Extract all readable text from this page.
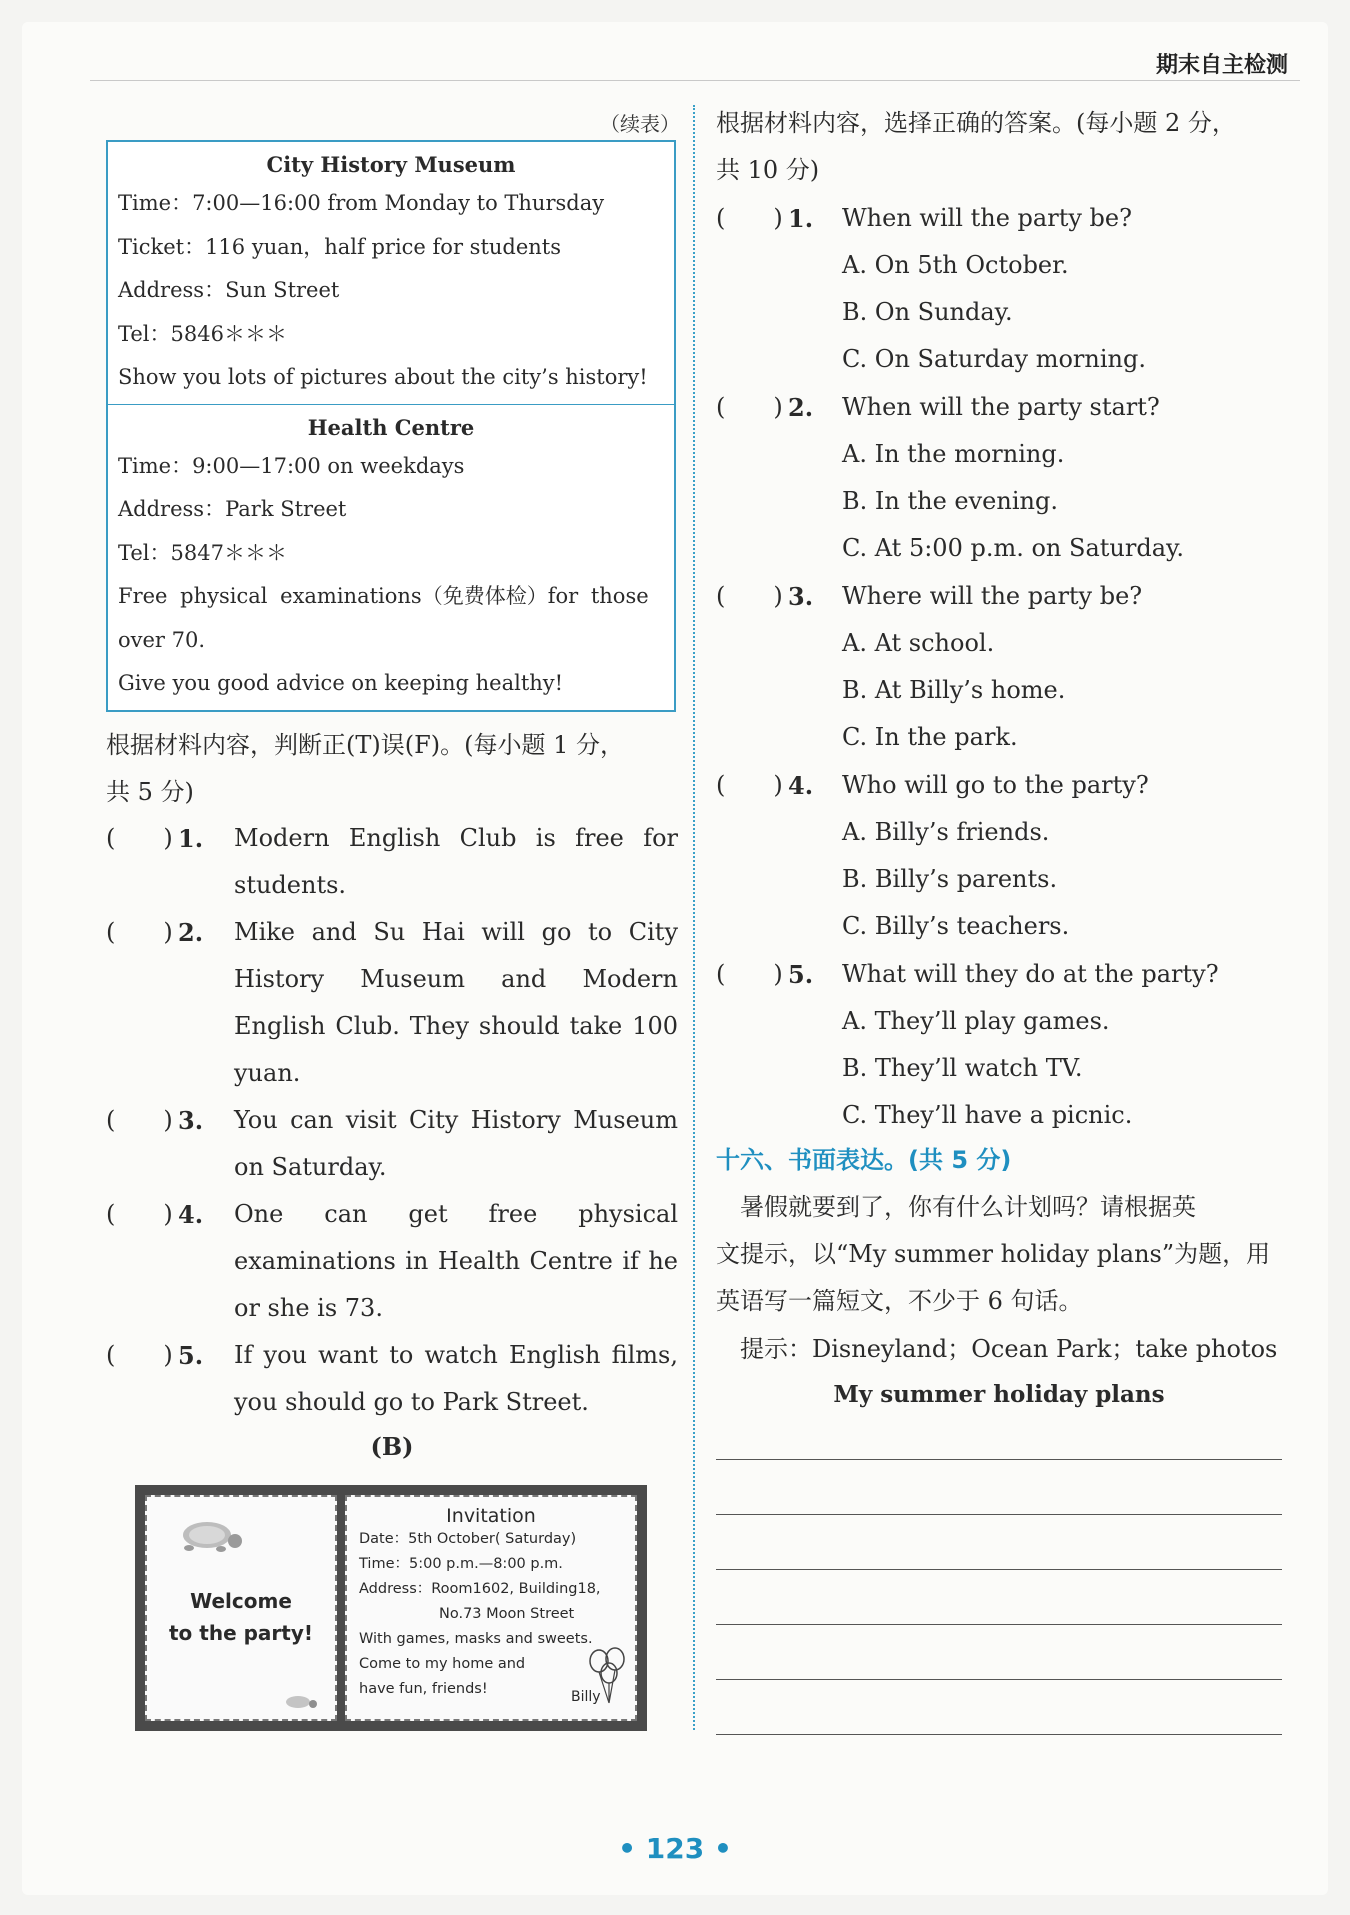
期末自主检测
（续表）
City History Museum
Time：7:00—16:00 from Monday to Thursday
Ticket：116 yuan，half price for students
Address：Sun Street
Tel：5846＊＊＊
Show you lots of pictures about the city’s history!
Health Centre
Time：9:00—17:00 on weekdays
Address：Park Street
Tel：5847＊＊＊
Free physical examinations（免费体检）for those
over 70.
Give you good advice on keeping healthy!
根据材料内容，判断正(T)误(F)。(每小题 1 分，
共 5 分)
(　　) 1. Modern English Club is free for
students.
(　　) 2. Mike and Su Hai will go to City
History Museum and Modern
English Club. They should take 100
yuan.
(　　) 3. You can visit City History Museum
on Saturday.
(　　) 4. One can get free physical
examinations in Health Centre if he
or she is 73.
(　　) 5. If you want to watch English films,
you should go to Park Street.
(B)
Welcome
to the party!
Invitation
Date：5th October( Saturday)
Time：5:00 p.m.—8:00 p.m.
Address：Room1602, Building18,
No.73 Moon Street
With games, masks and sweets.
Come to my home and
have fun, friends!	Billy
根据材料内容，选择正确的答案。(每小题 2 分，
共 10 分)
(　　) 1. When will the party be?
A. On 5th October.
B. On Sunday.
C. On Saturday morning.
(　　) 2. When will the party start?
A. In the morning.
B. In the evening.
C. At 5:00 p.m. on Saturday.
(　　) 3. Where will the party be?
A. At school.
B. At Billy’s home.
C. In the park.
(　　) 4. Who will go to the party?
A. Billy’s friends.
B. Billy’s parents.
C. Billy’s teachers.
(　　) 5. What will they do at the party?
A. They’ll play games.
B. They’ll watch TV.
C. They’ll have a picnic.
十六、书面表达。(共 5 分)
　暑假就要到了，你有什么计划吗？请根据英
文提示，以“My summer holiday plans”为题，用
英语写一篇短文，不少于 6 句话。
　提示：Disneyland；Ocean Park；take photos
My summer holiday plans
• 123 •
